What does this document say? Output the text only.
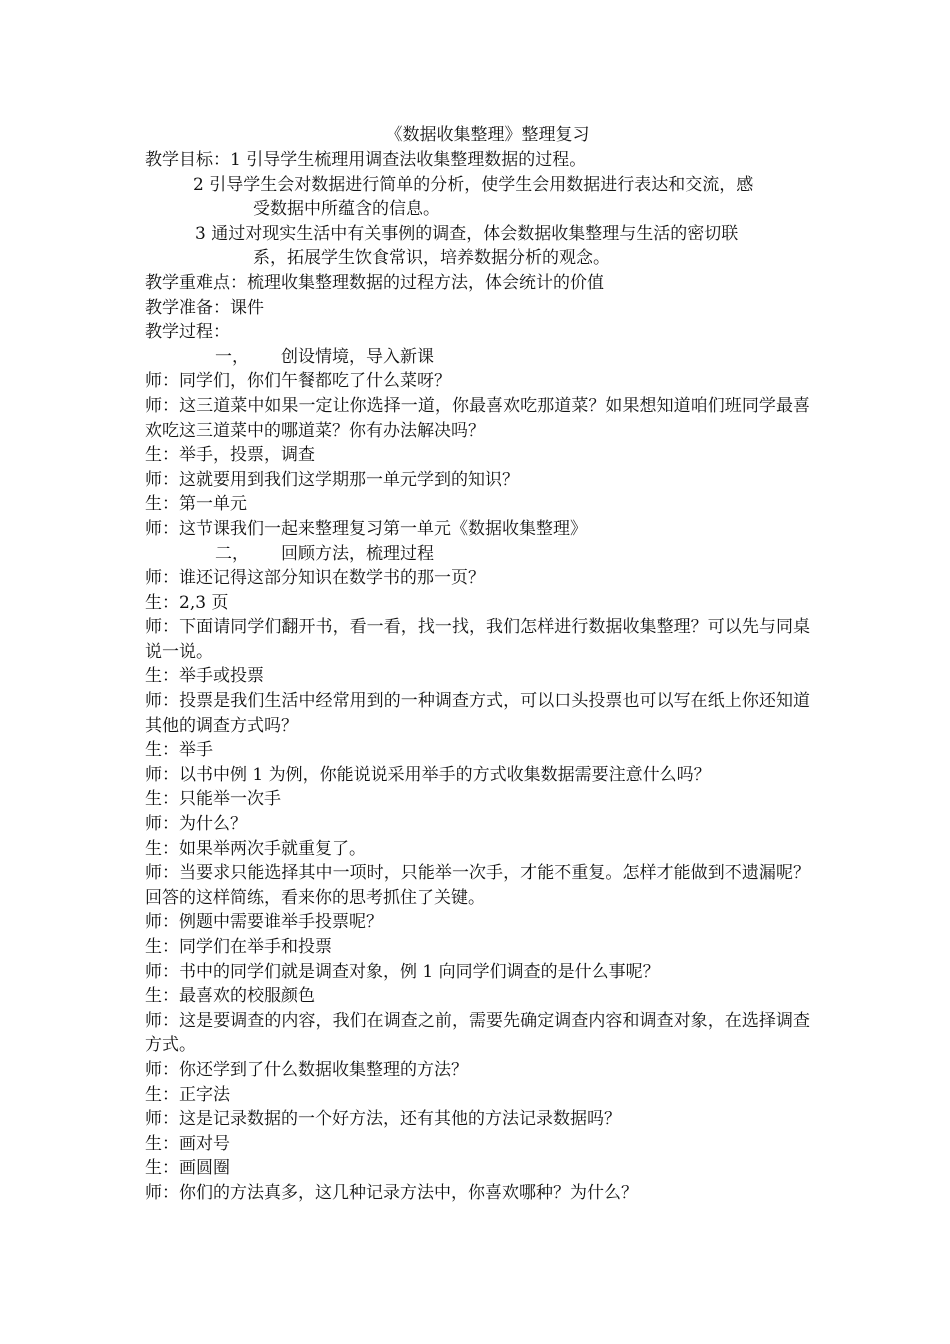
《数据收集整理》整理复习

教学目标：1 引导学生梳理用调查法收集整理数据的过程。

2 引导学生会对数据进行简单的分析，使学生会用数据进行表达和交流，感

受数据中所蕴含的信息。

3 通过对现实生活中有关事例的调查，体会数据收集整理与生活的密切联

系，拓展学生饮食常识，培养数据分析的观念。

教学重难点：梳理收集整理数据的过程方法，体会统计的价值

教学准备：课件

教学过程：

一， 创设情境，导入新课

师：同学们，你们午餐都吃了什么菜呀？

师：这三道菜中如果一定让你选择一道，你最喜欢吃那道菜？如果想知道咱们班同学最喜欢吃这三道菜中的哪道菜？你有办法解决吗？

生：举手，投票，调查

师：这就要用到我们这学期那一单元学到的知识？

生：第一单元

师：这节课我们一起来整理复习第一单元《数据收集整理》

二， 回顾方法，梳理过程

师：谁还记得这部分知识在数学书的那一页？

生：2,3 页

师：下面请同学们翻开书，看一看，找一找，我们怎样进行数据收集整理？可以先与同桌说一说。

生：举手或投票

师：投票是我们生活中经常用到的一种调查方式，可以口头投票也可以写在纸上你还知道其他的调查方式吗？

生：举手

师：以书中例 1 为例，你能说说采用举手的方式收集数据需要注意什么吗？

生：只能举一次手

师：为什么？

生：如果举两次手就重复了。

师：当要求只能选择其中一项时，只能举一次手，才能不重复。怎样才能做到不遗漏呢？回答的这样简练，看来你的思考抓住了关键。

师：例题中需要谁举手投票呢？

生：同学们在举手和投票

师：书中的同学们就是调查对象，例 1 向同学们调查的是什么事呢？

生：最喜欢的校服颜色

师：这是要调查的内容，我们在调查之前，需要先确定调查内容和调查对象，在选择调查方式。

师：你还学到了什么数据收集整理的方法？

生：正字法

师：这是记录数据的一个好方法，还有其他的方法记录数据吗？

生：画对号

生：画圆圈

师：你们的方法真多，这几种记录方法中，你喜欢哪种？为什么？
